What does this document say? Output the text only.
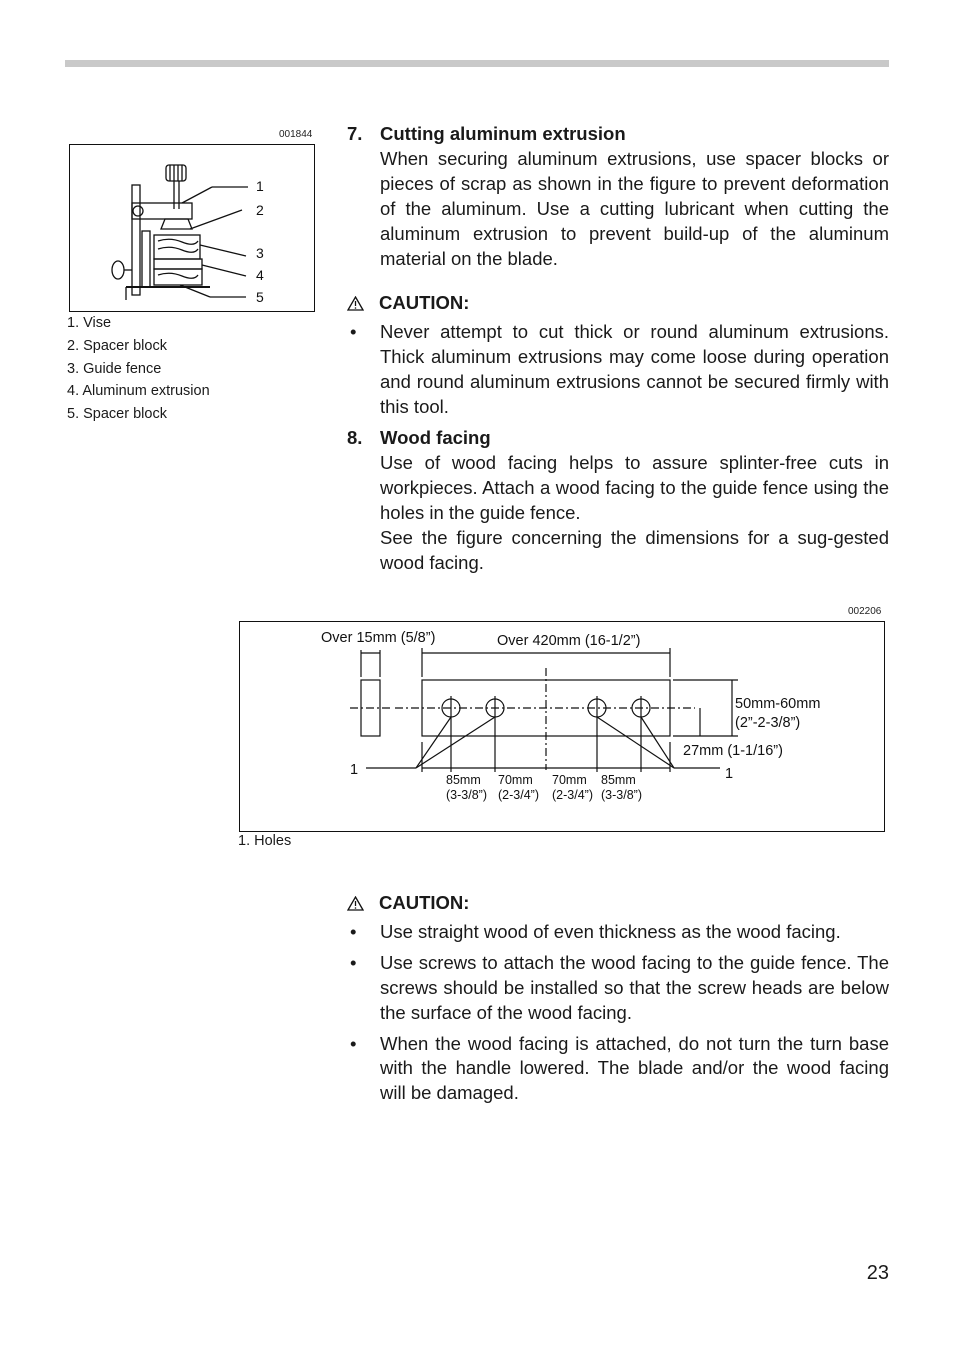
001844
1
2
3
4
5
1. Vise
2. Spacer block
3. Guide fence
4. Aluminum extrusion
5. Spacer block
7. Cutting aluminum extrusion
When securing aluminum extrusions, use spacer blocks or pieces of scrap as shown in the figure to prevent deformation of the aluminum. Use a cutting lubricant when cutting the aluminum extrusion to prevent build-up of the aluminum material on the blade.
CAUTION:
•	Never attempt to cut thick or round aluminum extrusions. Thick aluminum extrusions may come loose during operation and round aluminum extrusions cannot be secured firmly with this tool.
8. Wood facing
Use of wood facing helps to assure splinter-free cuts in workpieces. Attach a wood facing to the guide fence using the holes in the guide fence.
See the figure concerning the dimensions for a sug-gested wood facing.
002206
Over 15mm (5/8”)	Over 420mm (16-1/2”)
50mm-60mm
(2”-2-3/8”)
27mm (1-1/16”)
1	1
85mm
(3-3/8”)
70mm
(2-3/4”)
70mm
(2-3/4”)
85mm
(3-3/8”)
1. Holes
CAUTION:
•	Use straight wood of even thickness as the wood facing.
•	Use screws to attach the wood facing to the guide fence. The screws should be installed so that the screw heads are below the surface of the wood facing.
•	When the wood facing is attached, do not turn the turn base with the handle lowered. The blade and/or the wood facing will be damaged.
23
